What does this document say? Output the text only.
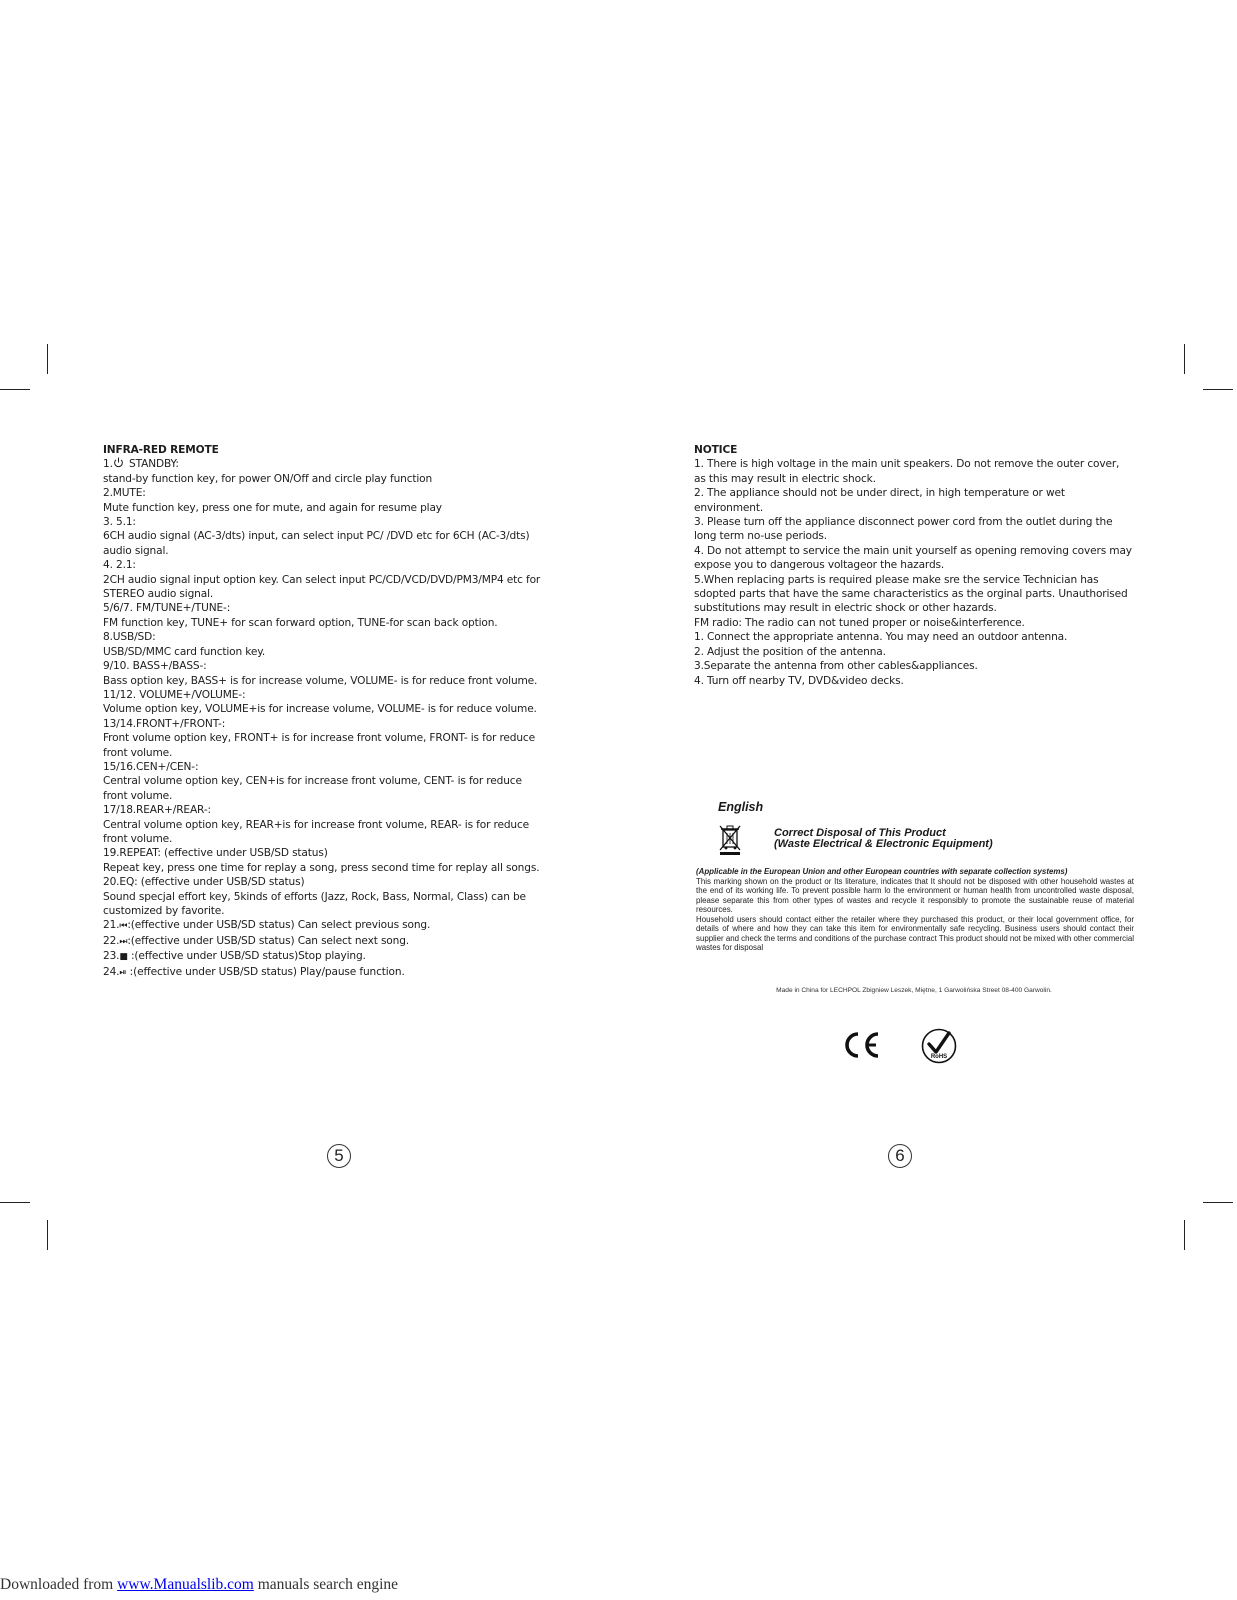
INFRA-RED REMOTE
1. STANDBY:
stand-by function key, for power ON/Off and circle play function
2.MUTE:
Mute function key, press one for mute, and again for resume play
3. 5.1:
6CH audio signal (AC-3/dts) input, can select input PC/ /DVD etc for 6CH (AC-3/dts) audio signal.
4. 2.1:
2CH audio signal input option key. Can select input PC/CD/VCD/DVD/PM3/MP4 etc for STEREO audio signal.
5/6/7. FM/TUNE+/TUNE-:
FM function key, TUNE+ for scan forward option, TUNE-for scan back option.
8.USB/SD:
USB/SD/MMC card function key.
9/10. BASS+/BASS-:
Bass option key, BASS+ is for increase volume, VOLUME- is for reduce front volume.
11/12. VOLUME+/VOLUME-:
Volume option key, VOLUME+is for increase volume, VOLUME- is for reduce volume.
13/14.FRONT+/FRONT-:
Front volume option key, FRONT+ is for increase front volume, FRONT- is for reduce front volume.
15/16.CEN+/CEN-:
Central volume option key, CEN+is for increase front volume, CENT- is for reduce front volume.
17/18.REAR+/REAR-:
Central volume option key, REAR+is for increase front volume, REAR- is for reduce front volume.
19.REPEAT: (effective under USB/SD status)
Repeat key, press one time for replay a song, press second time for replay all songs.
20.EQ: (effective under USB/SD status)
Sound specjal effort key, 5kinds of efforts (Jazz, Rock, Bass, Normal, Class) can be customized by favorite.
21.⏮:(effective under USB/SD status) Can select previous song.
22.⏭:(effective under USB/SD status) Can select next song.
23.■ :(effective under USB/SD status)Stop playing.
24.⏯ :(effective under USB/SD status) Play/pause function.
NOTICE
1. There is high voltage in the main unit speakers. Do not remove the outer cover, as this may result in electric shock.
2. The appliance should not be under direct, in high temperature or wet environment.
3. Please turn off the appliance disconnect power cord from the outlet during the long term no-use periods.
4. Do not attempt to service the main unit yourself as opening removing covers may expose you to dangerous voltageor the hazards.
5.When replacing parts is required please make sre the service Technician has sdopted parts that have the same characteristics as the orginal parts. Unauthorised substitutions may result in electric shock or other hazards.
FM radio: The radio can not tuned proper or noise&interference.
1. Connect the appropriate antenna. You may need an outdoor antenna.
2. Adjust the position of the antenna.
3.Separate the antenna from other cables&appliances.
4. Turn off nearby TV, DVD&video decks.
English
Correct Disposal of This Product
(Waste Electrical & Electronic Equipment)
(Applicable in the European Union and other European countries with separate collection systems)
This marking shown on the product or Its literature, indicates that It should not be disposed with other household wastes at the end of its working life. To prevent possible harm lo the environment or human health from uncontrolled waste disposal, please separate this from other types of wastes and recycle it responsibly to promote the sustainable reuse of material resources.
Household users should contact either the retailer where they purchased this product, or their local government office, for details of where and how they can take this item for environmentally safe recycling. Business users should contact their supplier and check the terms and conditions of the purchase contract This product should not be mixed with other commercial wastes for disposal
Made in China for LECHPOL Zbigniew Leszek, Miętne, 1 Garwolińska Street 08-400 Garwolin.
RoHS
5	6
Downloaded from www.Manualslib.com manuals search engine
